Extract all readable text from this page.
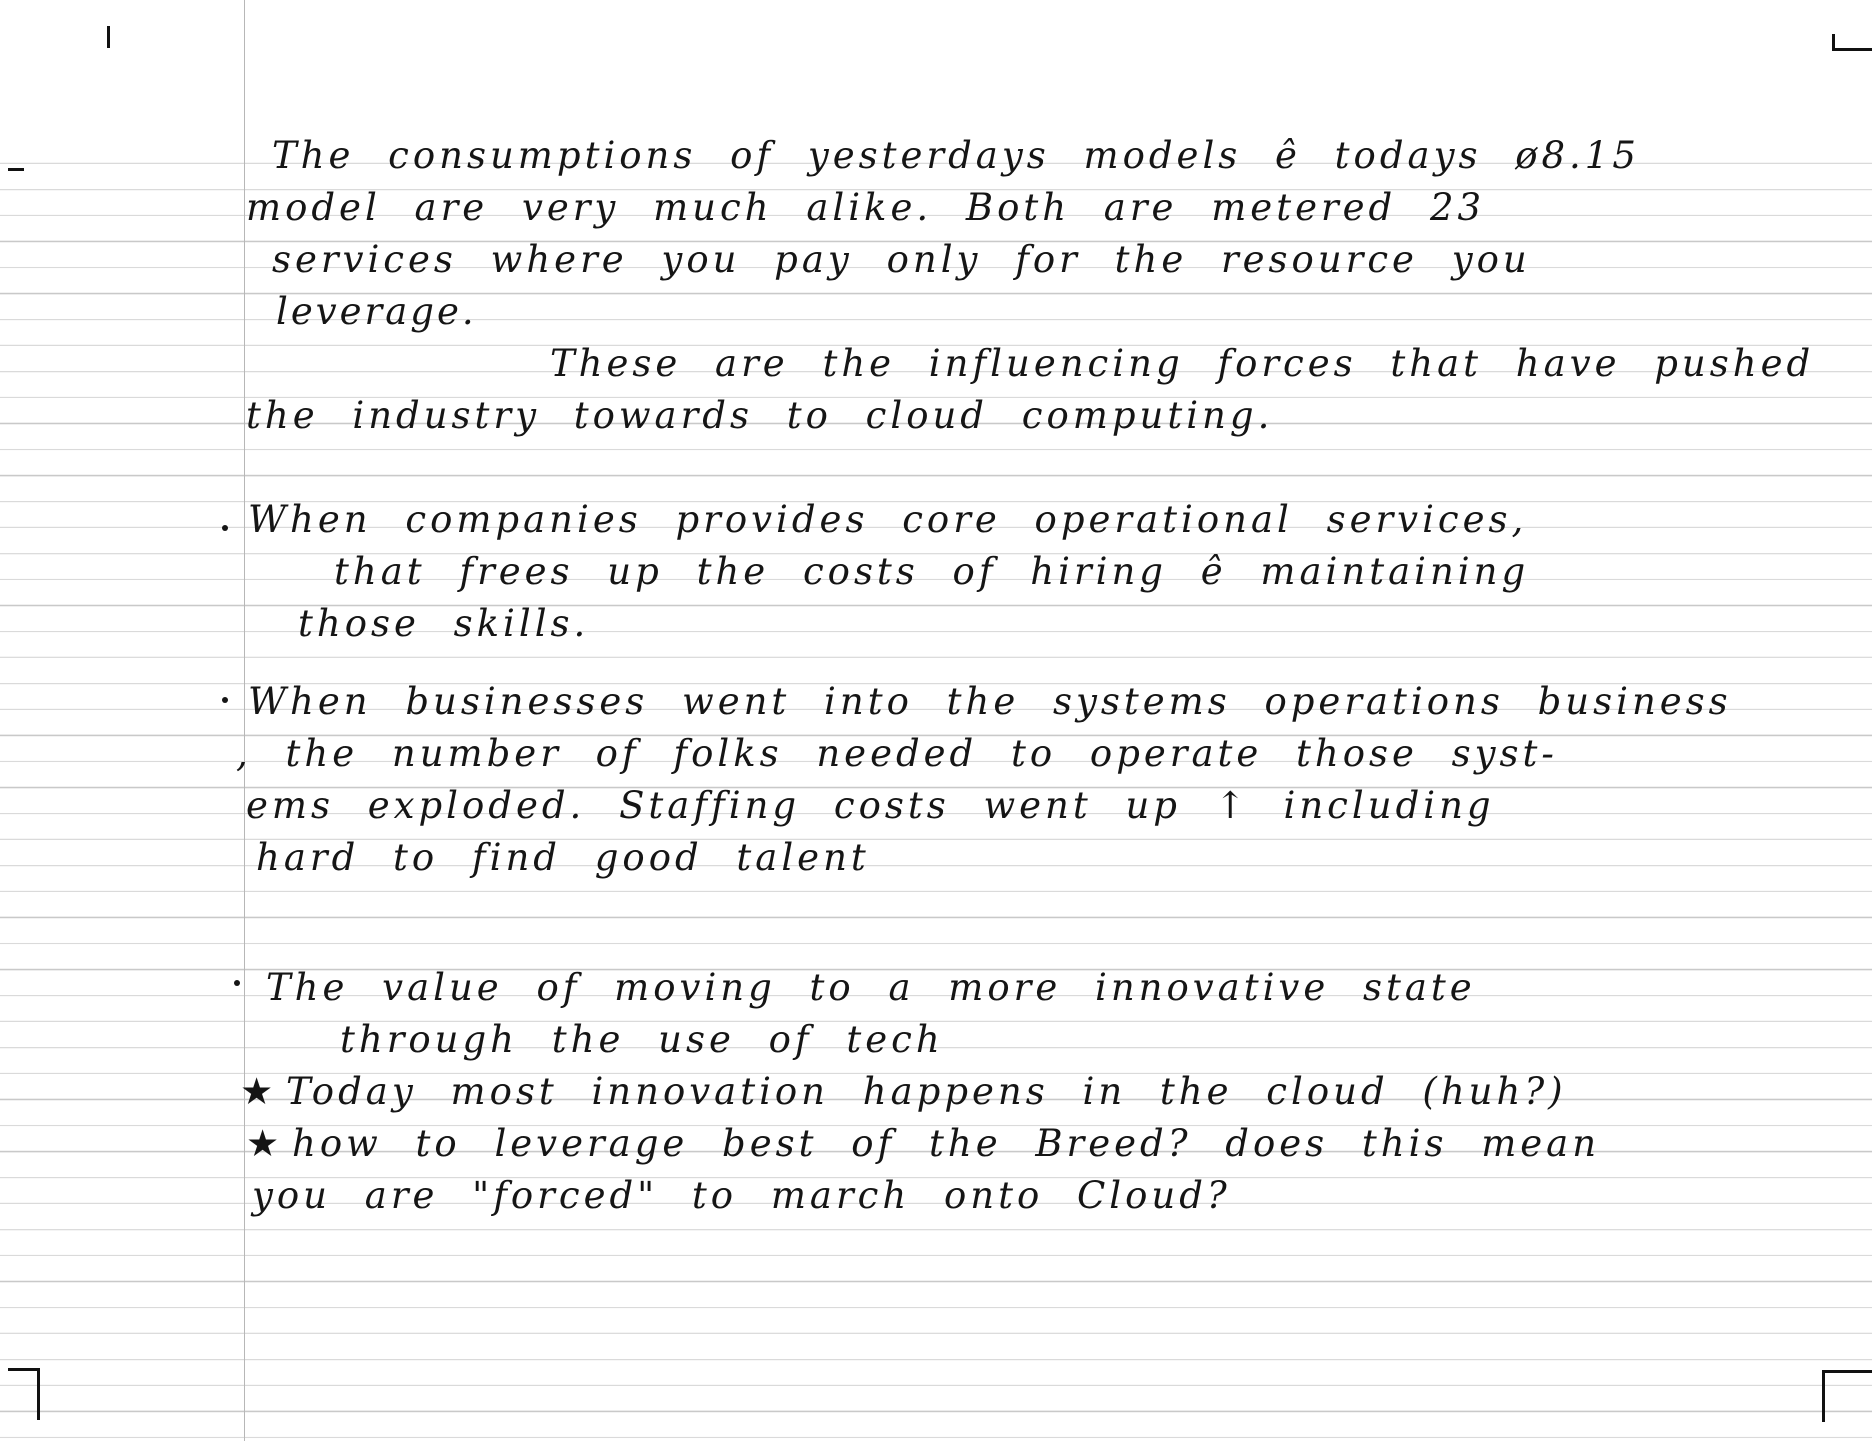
The consumptions of yesterdays models ê todays ø8.15

model are very much alike. Both are metered 23

services where you pay only for the resource you

leverage.

These are the influencing forces that have pushed

the industry towards to cloud computing.

When companies provides core operational services,

that frees up the costs of hiring ê maintaining

those skills.

When businesses went into the systems operations business

, the number of folks needed to operate those syst-

ems exploded. Staffing costs went up ↑ including

hard to find good talent

The value of moving to a more innovative state

through the use of tech

★ Today most innovation happens in the cloud (huh?)

★ how to leverage best of the Breed? does this mean

you are "forced" to march onto Cloud?
